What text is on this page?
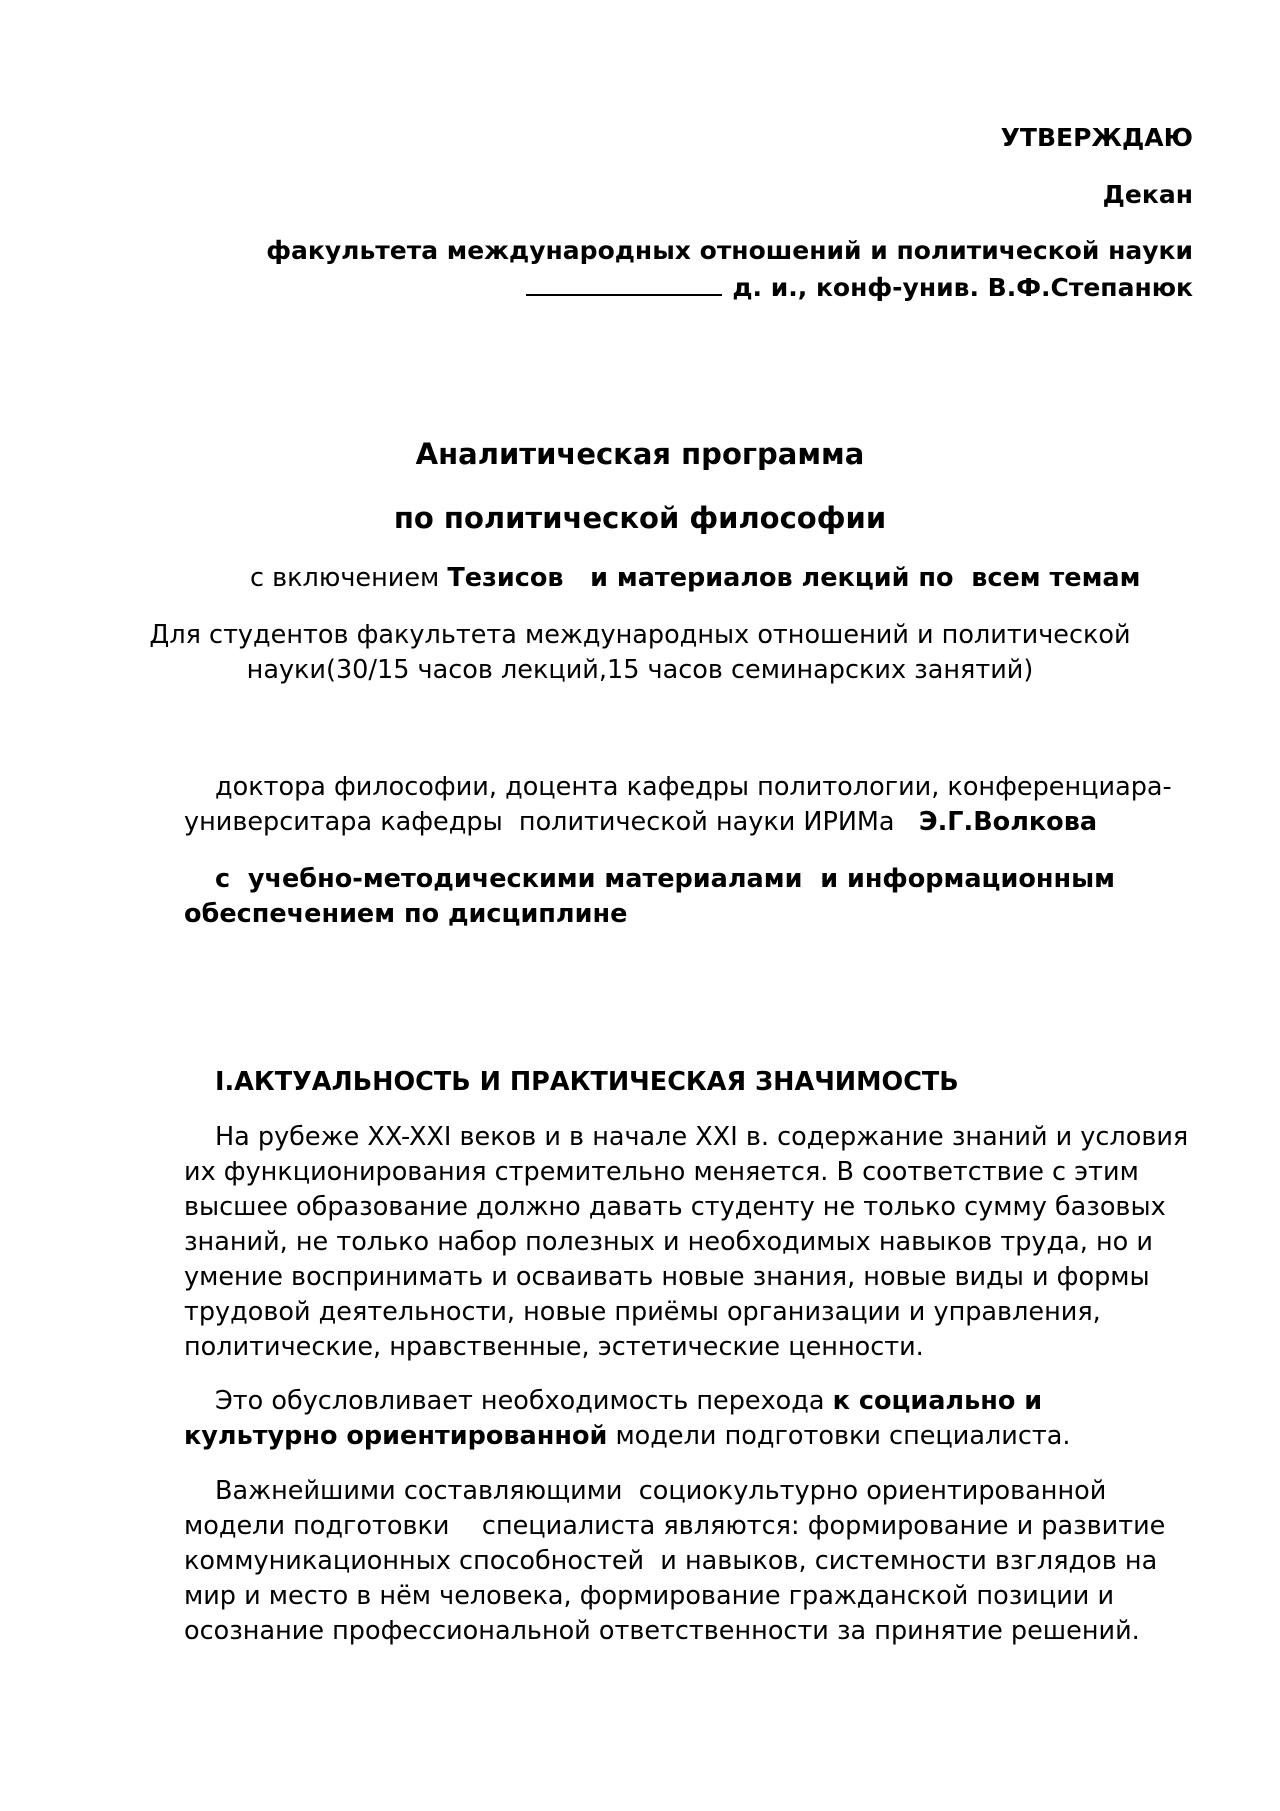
УТВЕРЖДАЮ
Декан
факультета международных отношений и политической науки
д. и., конф-унив. В.Ф.Степанюк
Аналитическая программа
по политической философии
с включением Тезисов   и материалов лекций по  всем темам
Для студентов факультета международных отношений и политической
науки(30/15 часов лекций,15 часов семинарских занятий)
доктора философии, доцента кафедры политологии, конференциара-
университара кафедры  политической науки ИРИМа Э.Г.Волкова
с  учебно-методическими материалами  и информационным
обеспечением по дисциплине
I.АКТУАЛЬНОСТЬ И ПРАКТИЧЕСКАЯ ЗНАЧИМОСТЬ
На рубеже XX-XXI веков и в начале XXI в. содержание знаний и условия их функционирования стремительно меняется. В соответствие с этим высшее образование должно давать студенту не только сумму базовых знаний, не только набор полезных и необходимых навыков труда, но и умение воспринимать и осваивать новые знания, новые виды и формы трудовой деятельности, новые приёмы организации и управления, политические, нравственные, эстетические ценности.
Это обусловливает необходимость перехода к социально и культурно ориентированной модели подготовки специалиста.
Важнейшими составляющими  социокультурно ориентированной модели подготовки    специалиста являются: формирование и развитие коммуникационных способностей  и навыков, системности взглядов на мир и место в нём человека, формирование гражданской позиции и осознание профессиональной ответственности за принятие решений.
